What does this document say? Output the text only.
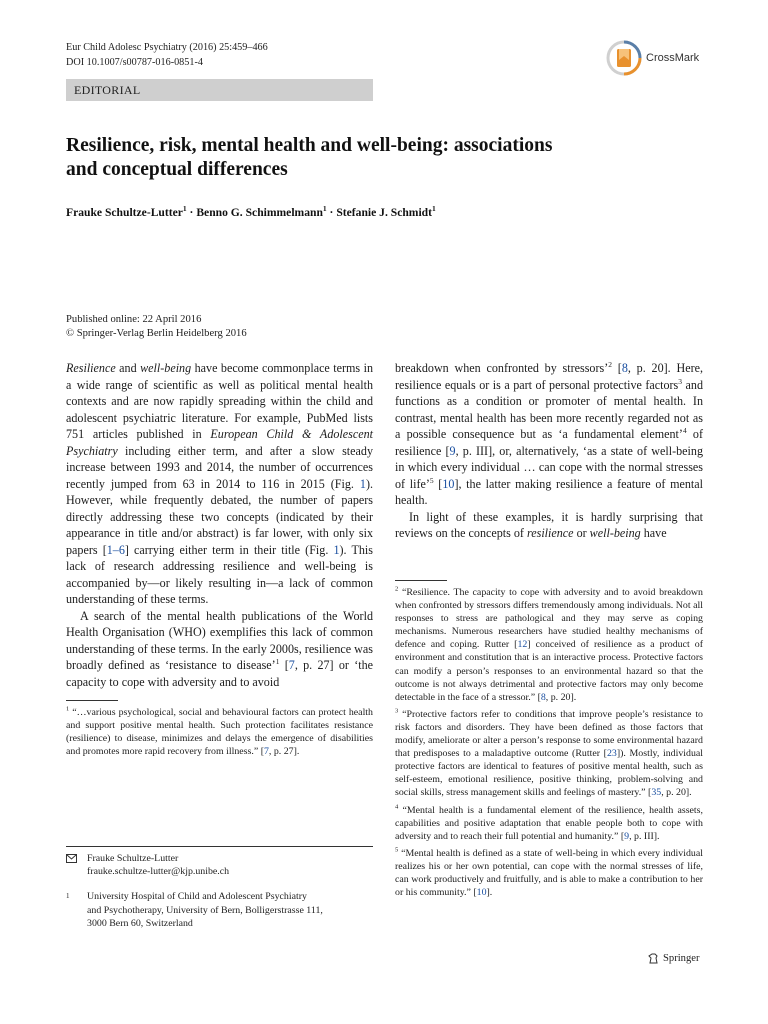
Eur Child Adolesc Psychiatry (2016) 25:459–466
DOI 10.1007/s00787-016-0851-4	CrossMark
EDITORIAL
Resilience, risk, mental health and well-being: associations
and conceptual differences
Frauke Schultze-Lutter$^1$ · Benno G. Schimmelmann$^1$ · Stefanie J. Schmidt$^1$
Published online: 22 April 2016
© Springer-Verlag Berlin Heidelberg 2016

Resilience and well-being have become commonplace terms in a wide range of scientific as well as political mental health contexts and are now rapidly spreading within the child and adolescent psychiatric literature. For example, PubMed lists 751 articles published in European Child & Adolescent Psychiatry including either term, and after a slow steady increase between 1993 and 2014, the number of occurrences recently jumped from 63 in 2014 to 116 in 2015 (Fig. 1). However, while frequently debated, the number of papers directly addressing these two concepts (indicated by their appearance in title and/or abstract) is far lower, with only six papers [1–6] carrying either term in their title (Fig. 1). This lack of research addressing resilience and well-being is accompanied by—or likely resulting in—a lack of common understanding of these terms.

A search of the mental health publications of the World Health Organisation (WHO) exemplifies this lack of common understanding of these terms. In the early 2000s, resilience was broadly defined as ‘resistance to disease’$^1$ [7, p. 27] or ‘the capacity to cope with adversity and to avoid

$^1$ “…various psychological, social and behavioural factors can protect health and support positive mental health. Such protection facilitates resistance (resilience) to disease, minimizes and delays the emergence of disabilities and promotes more rapid recovery from illness.” [7, p. 27].
Frauke Schultze-Lutter
frauke.schultze-lutter@kjp.unibe.ch
1	University Hospital of Child and Adolescent Psychiatry
and Psychotherapy, University of Bern, Bolligerstrasse 111,
3000 Bern 60, Switzerland

breakdown when confronted by stressors’$^2$ [8, p. 20]. Here, resilience equals or is a part of personal protective factors$^3$ and functions as a condition or promoter of mental health. In contrast, mental health has been more recently regarded not as a possible consequence but as ‘a fundamental element’$^4$ of resilience [9, p. III], or, alternatively, ‘as a state of well-being in which every individual … can cope with the normal stresses of life’$^5$ [10], the latter making resilience a feature of mental health.

In light of these examples, it is hardly surprising that reviews on the concepts of resilience or well-being have

$^2$ “Resilience. The capacity to cope with adversity and to avoid breakdown when confronted by stressors differs tremendously among individuals. Not all responses to stress are pathological and they may serve as coping mechanisms. Numerous researchers have studied healthy mechanisms of defence and coping. Rutter [12] conceived of resilience as a product of environment and constitution that is an interactive process. Protective factors can modify a person’s responses to an environmental hazard so that the outcome is not always detrimental and protective factors may only become detectable in the face of a stressor.” [8, p. 20].
$^3$ “Protective factors refer to conditions that improve people’s resistance to risk factors and disorders. They have been defined as those factors that modify, ameliorate or alter a person’s response to some environmental hazard that predisposes to a maladaptive outcome (Rutter [23]). Mostly, individual protective factors are identical to features of positive mental health, such as self-esteem, emotional resilience, positive thinking, problem-solving and social skills, stress management skills and feelings of mastery.” [35, p. 20].
$^4$ “Mental health is a fundamental element of the resilience, health assets, capabilities and positive adaptation that enable people both to cope with adversity and to reach their full potential and humanity.” [9, p. III].
$^5$ “Mental health is defined as a state of well-being in which every individual realizes his or her own potential, can cope with the normal stresses of life, can work productively and fruitfully, and is able to make a contribution to her or his community.” [10].
Springer
